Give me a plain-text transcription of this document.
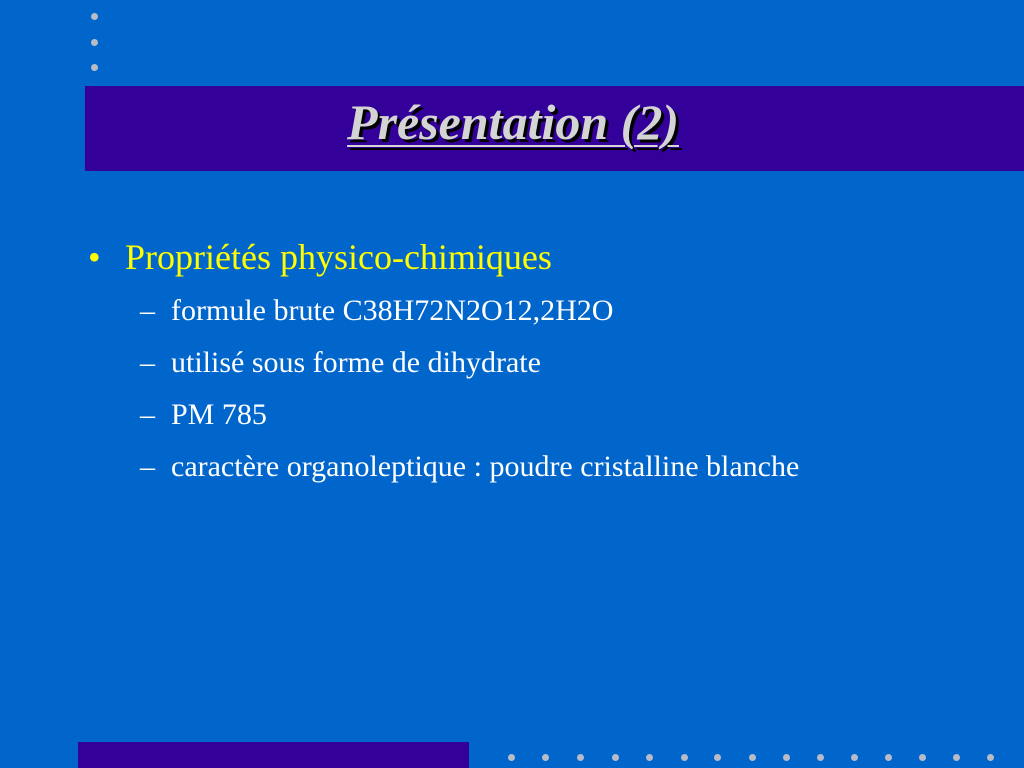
Présentation (2)
• Propriétés physico-chimiques
– formule brute C38H72N2O12,2H2O
– utilisé sous forme de dihydrate
– PM 785
– caractère organoleptique : poudre cristalline blanche
